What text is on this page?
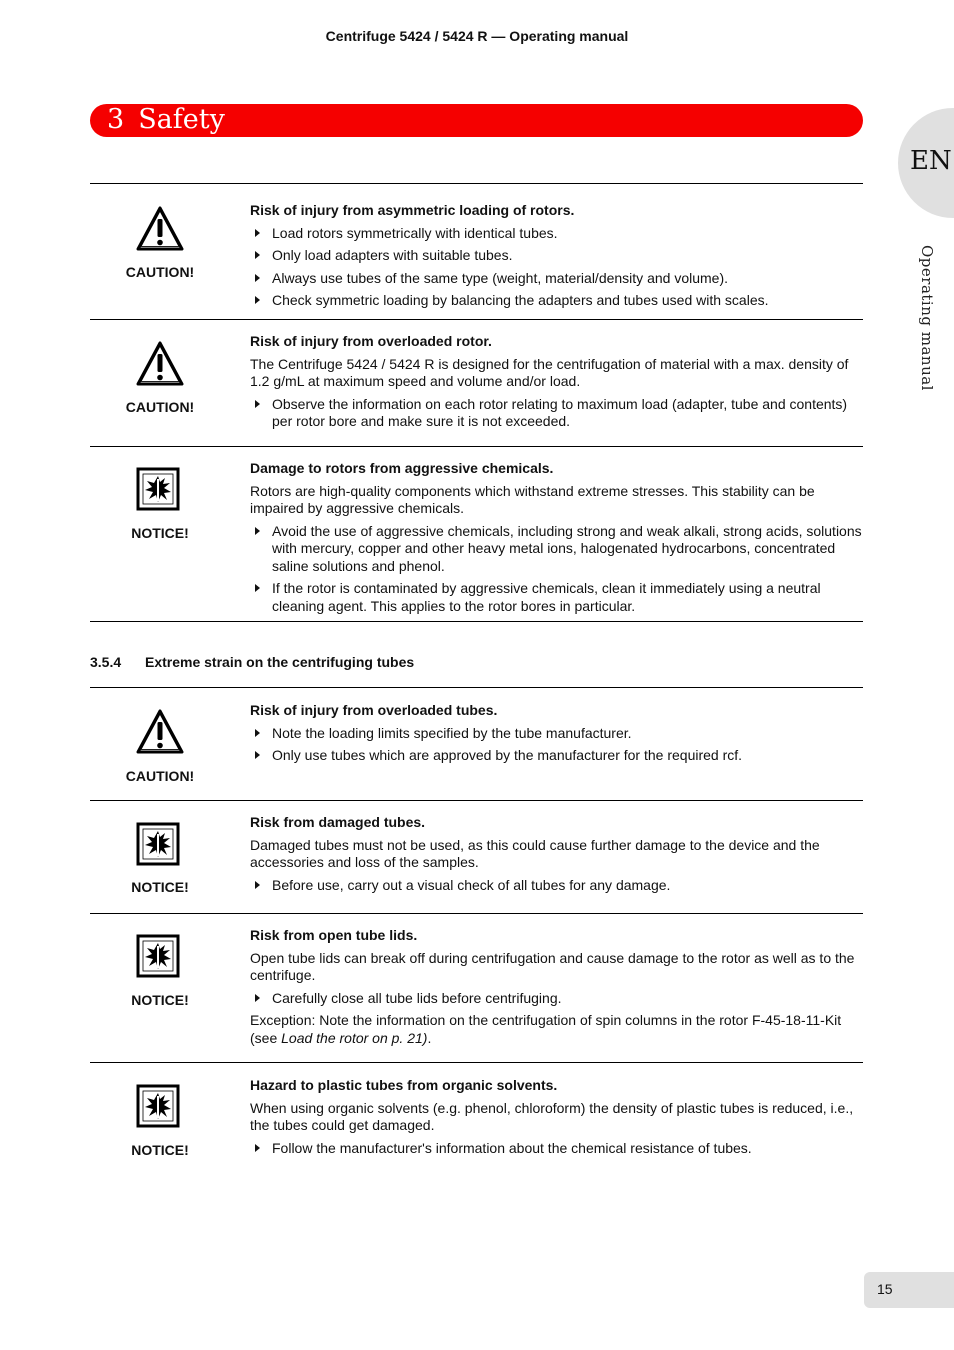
Centrifuge 5424 / 5424 R — Operating manual
3 Safety
EN
Operating manual
CAUTION!
Risk of injury from asymmetric loading of rotors.
Load rotors symmetrically with identical tubes.
Only load adapters with suitable tubes.
Always use tubes of the same type (weight, material/density and volume).
Check symmetric loading by balancing the adapters and tubes used with scales.
CAUTION!
Risk of injury from overloaded rotor.

The Centrifuge 5424 / 5424 R is designed for the centrifugation of material with a max. density of 1.2 g/mL at maximum speed and volume and/or load.

Observe the information on each rotor relating to maximum load (adapter, tube and contents) per rotor bore and make sure it is not exceeded.
NOTICE!
Damage to rotors from aggressive chemicals.

Rotors are high-quality components which withstand extreme stresses. This stability can be impaired by aggressive chemicals.

Avoid the use of aggressive chemicals, including strong and weak alkali, strong acids, solutions with mercury, copper and other heavy metal ions, halogenated hydrocarbons, concentrated saline solutions and phenol.
If the rotor is contaminated by aggressive chemicals, clean it immediately using a neutral cleaning agent. This applies to the rotor bores in particular.
3.5.4 Extreme strain on the centrifuging tubes
CAUTION!
Risk of injury from overloaded tubes.
Note the loading limits specified by the tube manufacturer.
Only use tubes which are approved by the manufacturer for the required rcf.
NOTICE!
Risk from damaged tubes.

Damaged tubes must not be used, as this could cause further damage to the device and the accessories and loss of the samples.

Before use, carry out a visual check of all tubes for any damage.
NOTICE!
Risk from open tube lids.

Open tube lids can break off during centrifugation and cause damage to the rotor as well as to the centrifuge.

Carefully close all tube lids before centrifuging.

Exception: Note the information on the centrifugation of spin columns in the rotor F-45-18-11-Kit (see Load the rotor on p. 21).

NOTICE!
Hazard to plastic tubes from organic solvents.

When using organic solvents (e.g. phenol, chloroform) the density of plastic tubes is reduced, i.e., the tubes could get damaged.

Follow the manufacturer's information about the chemical resistance of tubes.
15
